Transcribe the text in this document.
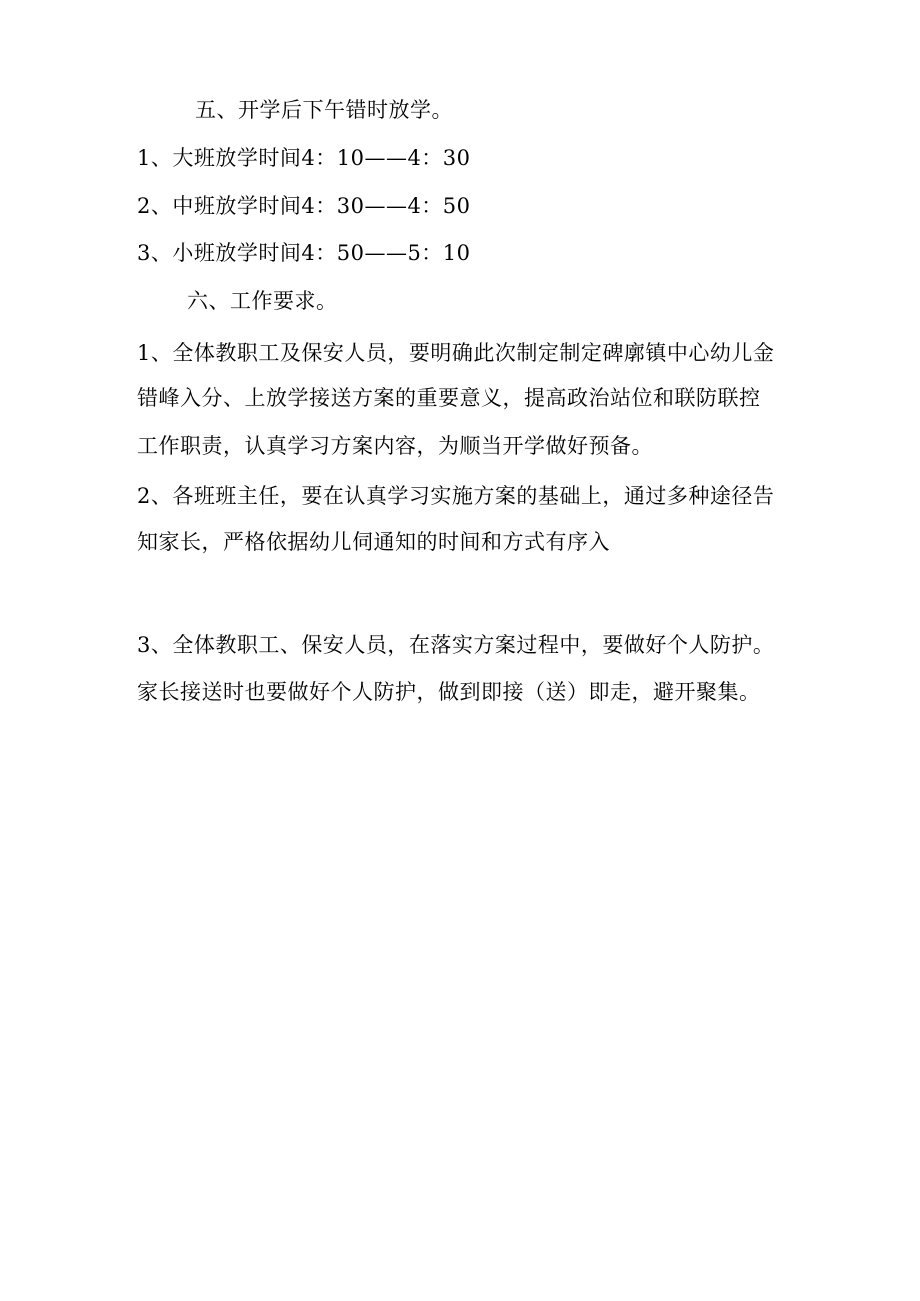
五、开学后下午错时放学。
1、大班放学时间4：10——4：30
2、中班放学时间4：30——4：50
3、小班放学时间4：50——5：10
六、工作要求。
1、全体教职工及保安人员，要明确此次制定制定碑廓镇中心幼儿金
错峰入分、上放学接送方案的重要意义，提高政治站位和联防联控
工作职责，认真学习方案内容，为顺当开学做好预备。
2、各班班主任，要在认真学习实施方案的基础上，通过多种途径告
知家长，严格依据幼儿伺通知的时间和方式有序入
3、全体教职工、保安人员，在落实方案过程中，要做好个人防护。
家长接送时也要做好个人防护，做到即接（送）即走，避开聚集。
